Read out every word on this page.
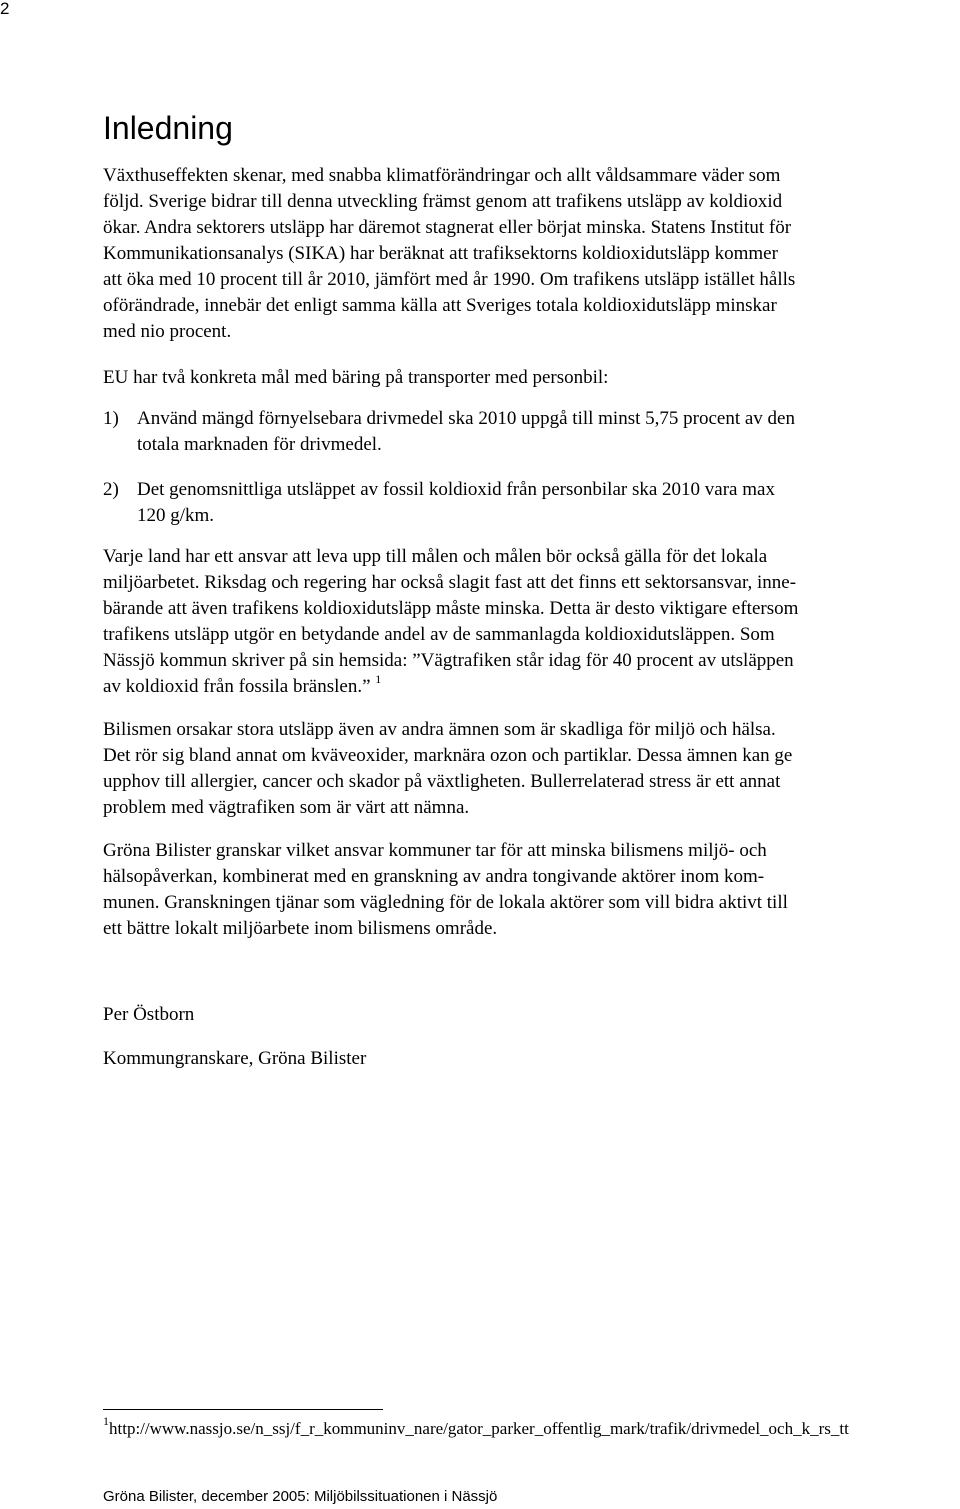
2
Inledning
Växthuseffekten skenar, med snabba klimatförändringar och allt våldsammare väder som
följd. Sverige bidrar till denna utveckling främst genom att trafikens utsläpp av koldioxid
ökar. Andra sektorers utsläpp har däremot stagnerat eller börjat minska. Statens Institut för
Kommunikationsanalys (SIKA) har beräknat att trafiksektorns koldioxidutsläpp kommer
att öka med 10 procent till år 2010, jämfört med år 1990. Om trafikens utsläpp istället hålls
oförändrade, innebär det enligt samma källa att Sveriges totala koldioxidutsläpp minskar
med nio procent.
EU har två konkreta mål med bäring på transporter med personbil:
1) Använd mängd förnyelsebara drivmedel ska 2010 uppgå till minst 5,75 procent av den
totala marknaden för drivmedel.
2) Det genomsnittliga utsläppet av fossil koldioxid från personbilar ska 2010 vara max
120 g/km.
Varje land har ett ansvar att leva upp till målen och målen bör också gälla för det lokala
miljöarbetet. Riksdag och regering har också slagit fast att det finns ett sektorsansvar, inne-
bärande att även trafikens koldioxidutsläpp måste minska. Detta är desto viktigare eftersom
trafikens utsläpp utgör en betydande andel av de sammanlagda koldioxidutsläppen. Som
Nässjö kommun skriver på sin hemsida: ”Vägtrafiken står idag för 40 procent av utsläppen
av koldioxid från fossila bränslen.” $^1$
Bilismen orsakar stora utsläpp även av andra ämnen som är skadliga för miljö och hälsa.
Det rör sig bland annat om kväveoxider, marknära ozon och partiklar. Dessa ämnen kan ge
upphov till allergier, cancer och skador på växtligheten. Bullerrelaterad stress är ett annat
problem med vägtrafiken som är värt att nämna.
Gröna Bilister granskar vilket ansvar kommuner tar för att minska bilismens miljö- och
hälsopåverkan, kombinerat med en granskning av andra tongivande aktörer inom kom-
munen. Granskningen tjänar som vägledning för de lokala aktörer som vill bidra aktivt till
ett bättre lokalt miljöarbete inom bilismens område.
Per Östborn
Kommungranskare, Gröna Bilister
$^1$http://www.nassjo.se/n_ssj/f_r_kommuninv_nare/gator_parker_offentlig_mark/trafik/drivmedel_och_k_rs_tt
Gröna Bilister, december 2005: Miljöbilssituationen i Nässjö
